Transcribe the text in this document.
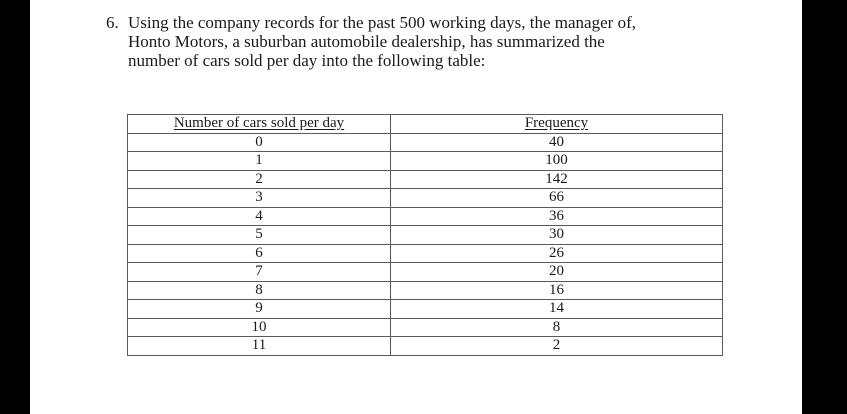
6. Using the company records for the past 500 working days, the manager of,
Honto Motors, a suburban automobile dealership, has summarized the
number of cars sold per day into the following table:
Number of cars sold per day	Frequency
0	40
1	100
2	142
3	66
4	36
5	30
6	26
7	20
8	16
9	14
10	8
11	2
